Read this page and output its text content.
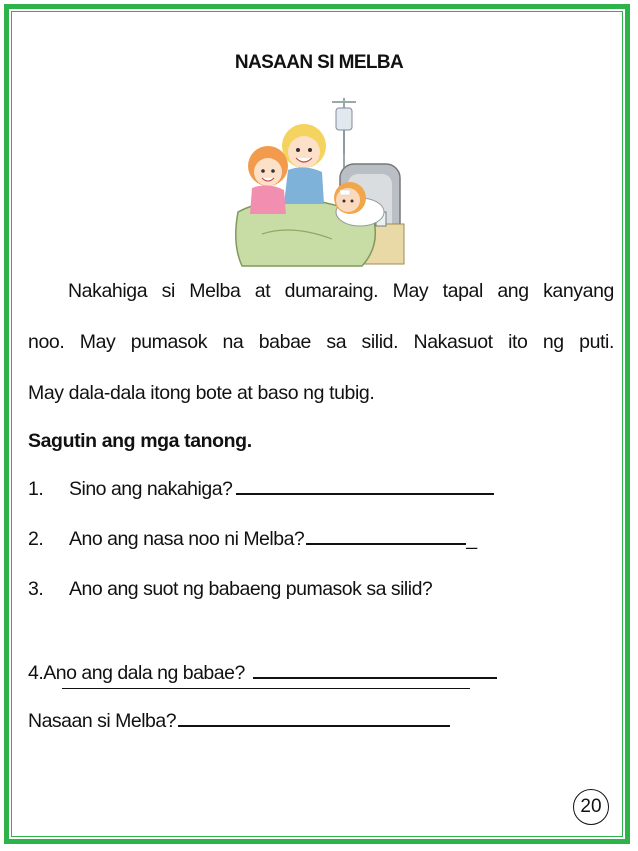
NASAAN SI MELBA
Nakahiga si Melba at dumaraing. May tapal ang kanyang
noo. May pumasok na babae sa silid. Nakasuot ito ng puti.
May dala-dala itong bote at baso ng tubig.
Sagutin ang mga tanong.
1. Sino ang nakahiga?
2. Ano ang nasa noo ni Melba?	_
3. Ano ang suot ng babaeng pumasok sa silid?
4.Ano ang dala ng babae?
Nasaan si Melba?
20
